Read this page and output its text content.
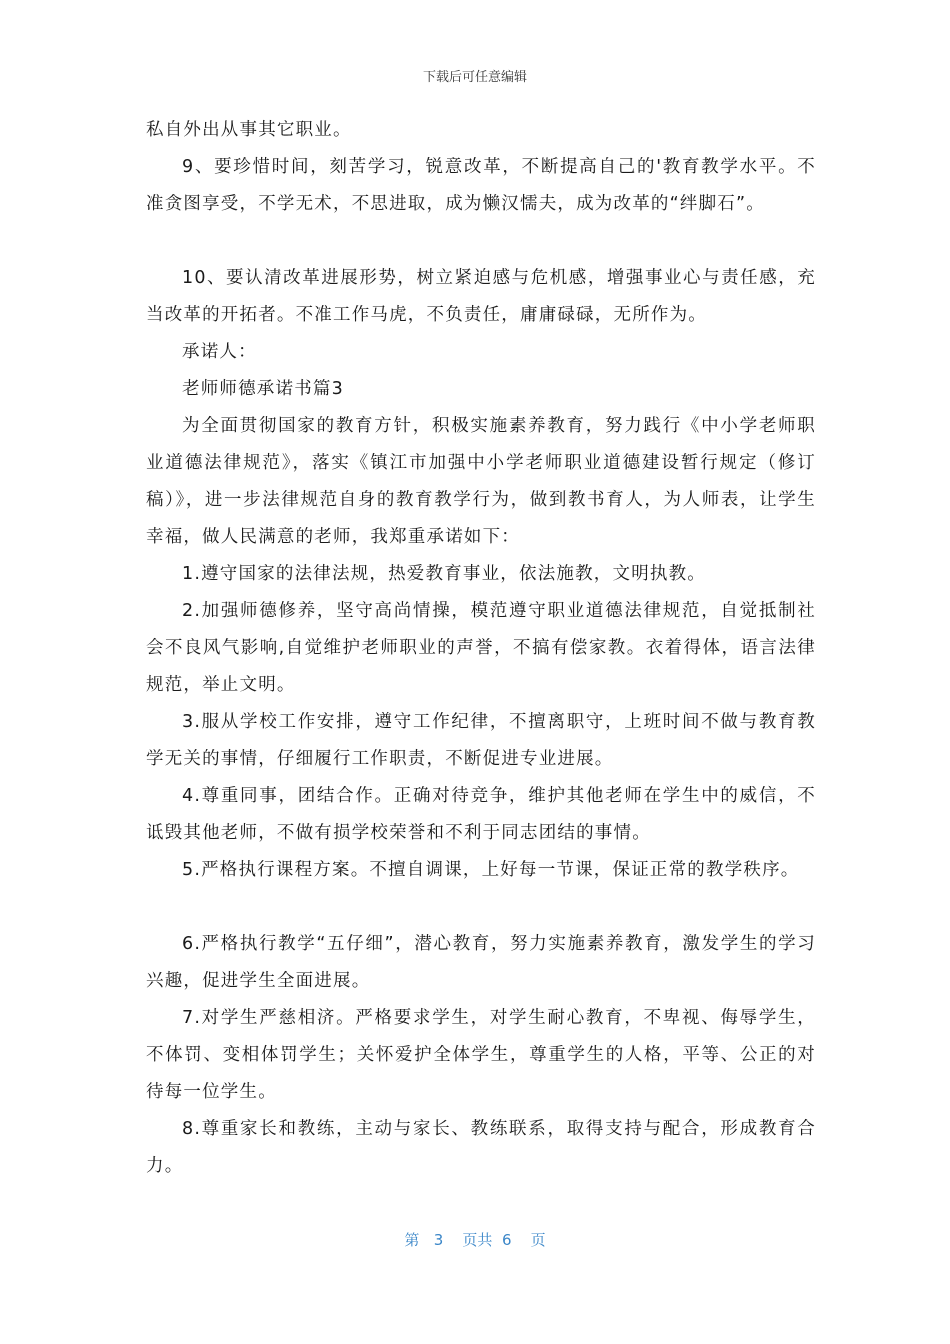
下载后可任意编辑

私自外出从事其它职业。

9、要珍惜时间，刻苦学习，锐意改革，不断提高自己的'教育教学水平。不准贪图享受，不学无术，不思进取，成为懒汉懦夫，成为改革的“绊脚石”。

10、要认清改革进展形势，树立紧迫感与危机感，增强事业心与责任感，充当改革的开拓者。不准工作马虎，不负责任，庸庸碌碌，无所作为。

承诺人：

老师师德承诺书篇3

为全面贯彻国家的教育方针，积极实施素养教育，努力践行《中小学老师职业道德法律规范》，落实《镇江市加强中小学老师职业道德建设暂行规定（修订稿）》，进一步法律规范自身的教育教学行为，做到教书育人，为人师表，让学生幸福，做人民满意的老师，我郑重承诺如下：

1.遵守国家的法律法规，热爱教育事业，依法施教，文明执教。

2.加强师德修养，坚守高尚情操，模范遵守职业道德法律规范，自觉抵制社会不良风气影响,自觉维护老师职业的声誉，不搞有偿家教。衣着得体，语言法律规范，举止文明。

3.服从学校工作安排，遵守工作纪律，不擅离职守，上班时间不做与教育教学无关的事情，仔细履行工作职责，不断促进专业进展。

4.尊重同事，团结合作。正确对待竞争，维护其他老师在学生中的威信，不诋毁其他老师，不做有损学校荣誉和不利于同志团结的事情。

5.严格执行课程方案。不擅自调课，上好每一节课，保证正常的教学秩序。

6.严格执行教学“五仔细”，潜心教育，努力实施素养教育，激发学生的学习兴趣，促进学生全面进展。

7.对学生严慈相济。严格要求学生，对学生耐心教育，不卑视、侮辱学生，不体罚、变相体罚学生；关怀爱护全体学生，尊重学生的人格，平等、公正的对待每一位学生。

8.尊重家长和教练，主动与家长、教练联系，取得支持与配合，形成教育合力。

第 3 页共 6 页
